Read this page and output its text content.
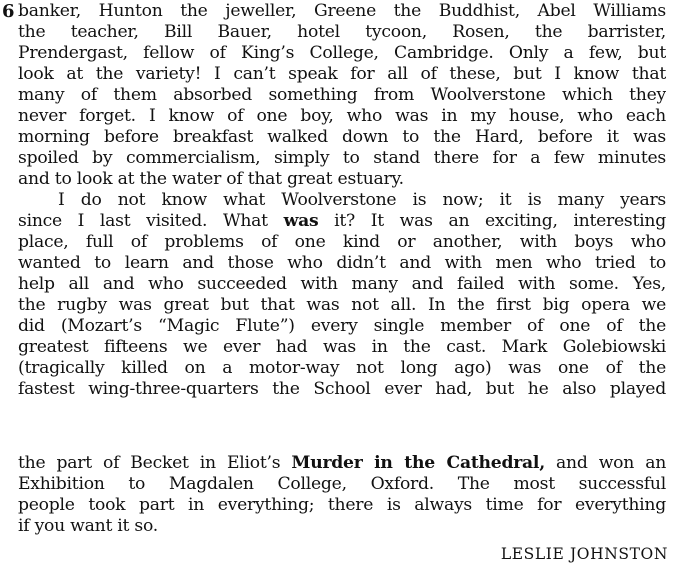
6 banker, Hunton the jeweller, Greene the Buddhist, Abel Williams
the teacher, Bill Bauer, hotel tycoon, Rosen, the barrister,
Prendergast, fellow of King’s College, Cambridge. Only a few, but
look at the variety! I can’t speak for all of these, but I know that
many of them absorbed something from Woolverstone which they
never forget. I know of one boy, who was in my house, who each
morning before breakfast walked down to the Hard, before it was
spoiled by commercialism, simply to stand there for a few minutes
and to look at the water of that great estuary.
I do not know what Woolverstone is now; it is many years
since I last visited. What was it? It was an exciting, interesting
place, full of problems of one kind or another, with boys who
wanted to learn and those who didn’t and with men who tried to
help all and who succeeded with many and failed with some. Yes,
the rugby was great but that was not all. In the first big opera we
did (Mozart’s “Magic Flute”) every single member of one of the
greatest fifteens we ever had was in the cast. Mark Golebiowski
(tragically killed on a motor-way not long ago) was one of the
fastest wing-three-quarters the School ever had, but he also played
the part of Becket in Eliot’s Murder in the Cathedral, and won an
Exhibition to Magdalen College, Oxford. The most successful
people took part in everything; there is always time for everything
if you want it so.
LESLIE JOHNSTON
